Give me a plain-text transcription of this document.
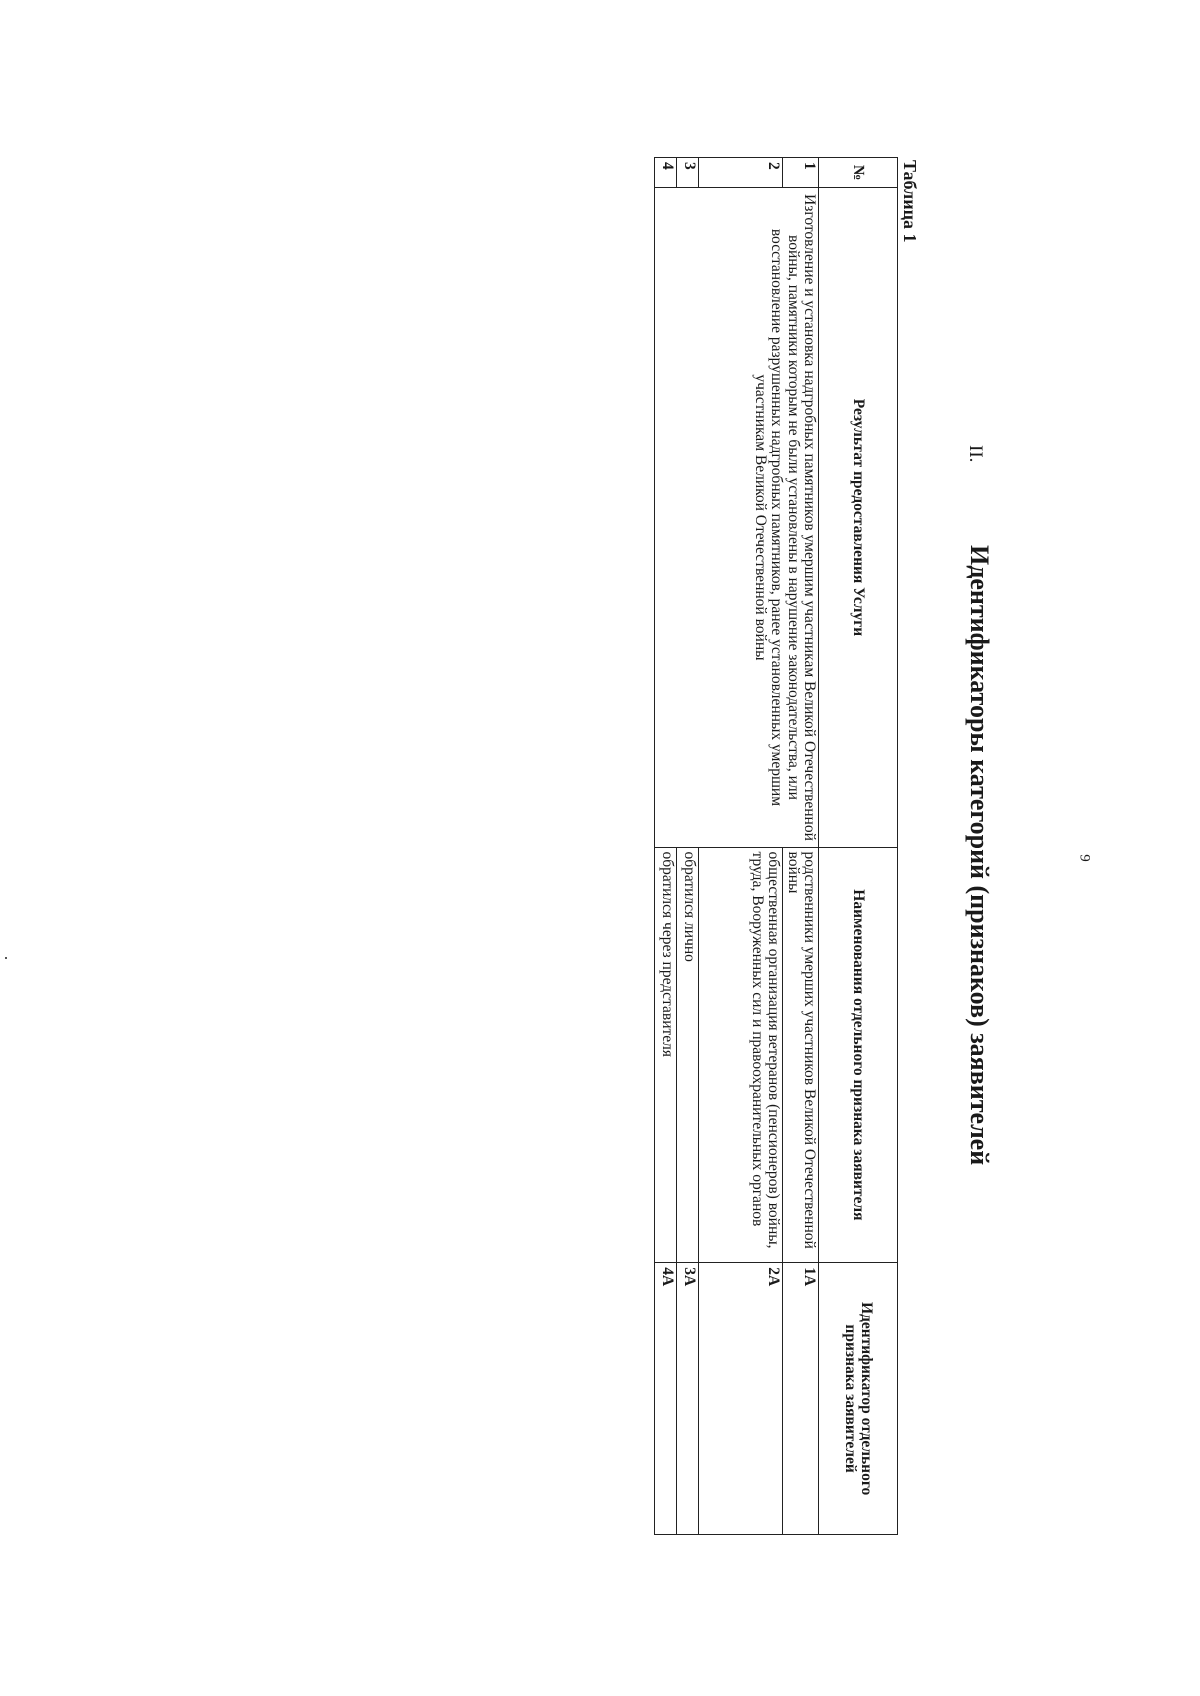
9
II.
Идентификаторы категорий (признаков) заявителей
Таблица 1
№	Результат предоставления Услуги	Наименования отдельного признака заявителя	Идентификатор отдельного признака заявителей
1	Изготовление и установка надгробных памятников умершим участникам Великой Отечественной войны, памятники которым не были установлены в нарушение законодательства, или восстановление разрушенных надгробных памятников, ранее установленных умершим участникам Великой Отечественной войны	родственники умерших участников Великой Отечественной войны	1А
2		общественная организация ветеранов (пенсионеров) войны, труда, Вооруженных сил и правоохранительных органов	2А
3		обратился лично	3А
4		обратился через представителя	4А
